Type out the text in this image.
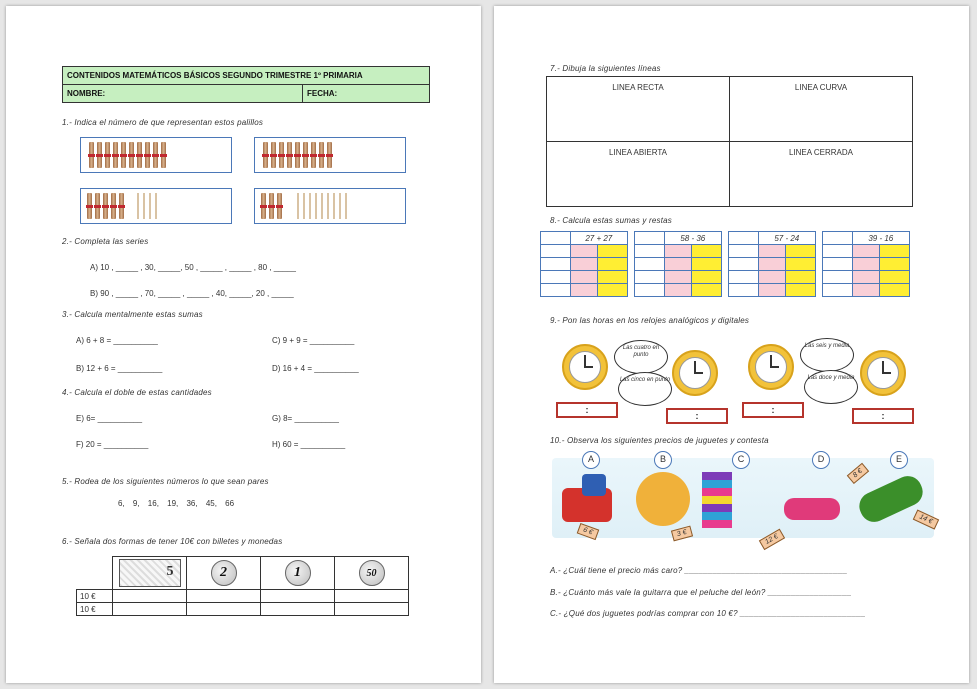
CONTENIDOS MATEMÁTICOS BÁSICOS SEGUNDO TRIMESTRE 1º PRIMARIA
NOMBRE:	FECHA:
1.- Indica el número de que representan estos palillos
2.- Completa las series
A) 10 , _____ , 30, _____, 50 , _____ , _____ , 80 , _____
B) 90 , _____ , 70, _____ , _____ , 40, _____, 20 , _____
3.- Calcula mentalmente estas sumas
A) 6 + 8 = __________	C) 9 + 9 = __________
B) 12 + 6 = __________	D) 16 + 4 = __________
4.- Calcula el doble de estas cantidades
E) 6= __________	G) 8= __________
F) 20 = __________	H) 60 = __________
5.- Rodea de los siguientes números lo que sean pares
6, 9, 16, 19, 36, 45, 66
6.- Señala dos formas de tener 10€ con billetes y monedas

	5	2	1	50

10 €				
10 €				
7.- Dibuja la siguientes líneas
LINEA RECTA	LINEA CURVA
LINEA ABIERTA	LINEA CERRADA
8.- Calcula estas sumas y restas
	27 + 27	

		58 - 36	

		57 - 24	

		39 - 16	

9.- Pon las horas en los relojes analógicos y digitales
Las cuatro en punto
Las cinco en punto
Las seis y media
Las doce y media
:
:
:
:
10.- Observa los siguientes precios de juguetes y contesta
A	B	C	D	E
6 €	3 €	12 €
8 €
14 €
A.- ¿Cuál tiene el precio más caro? ___________________________________
B.- ¿Cuánto más vale la guitarra que el peluche del león? __________________
C.- ¿Qué dos juguetes podrías comprar con 10 €? ___________________________
